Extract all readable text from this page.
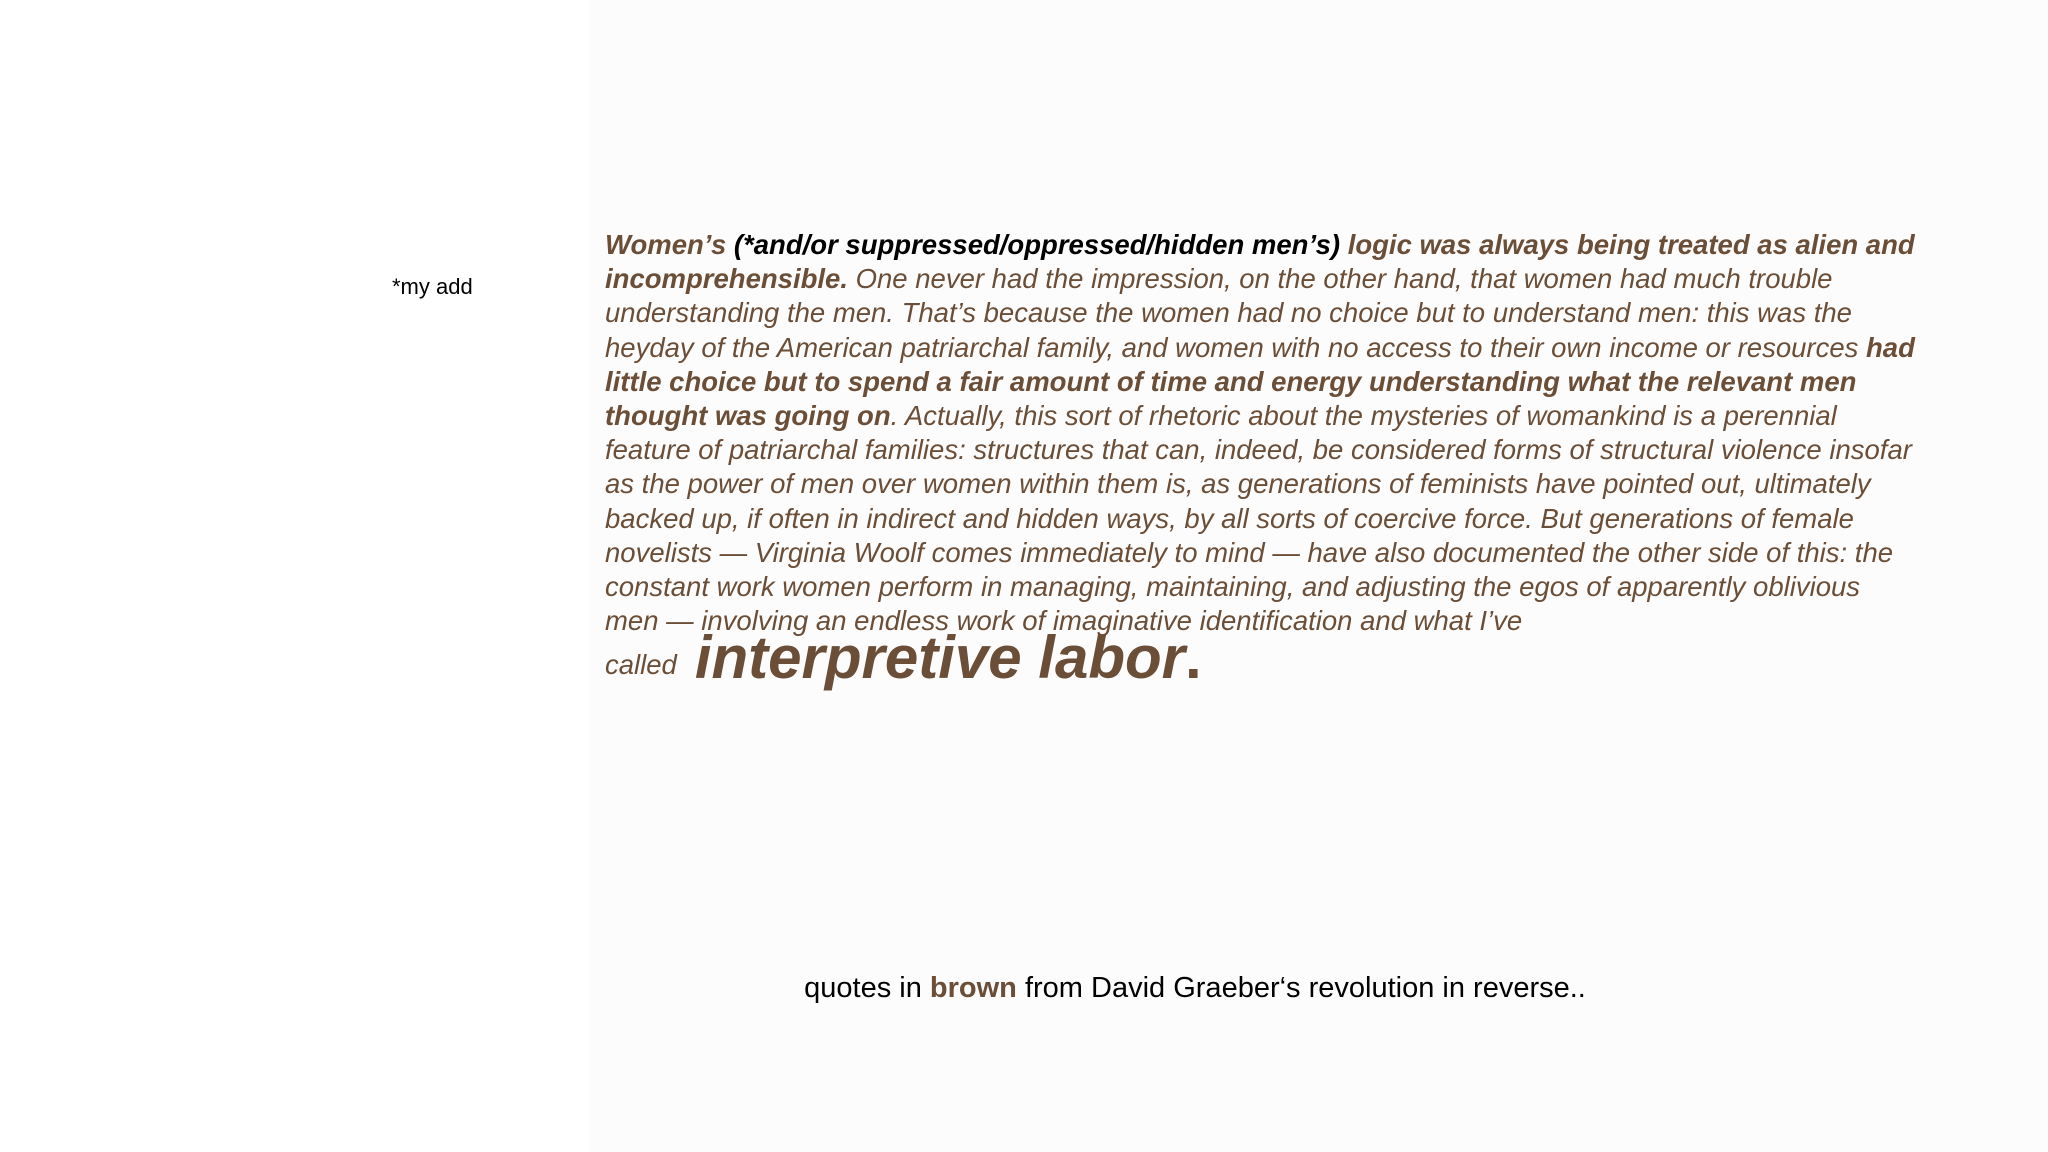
*my add
Women’s (*and/or suppressed/oppressed/hidden men’s) logic was always being treated as alien and incomprehensible. One never had the impression, on the other hand, that women had much trouble understanding the men. That’s because the women had no choice but to understand men: this was the heyday of the American patriarchal family, and women with no access to their own income or resources had little choice but to spend a fair amount of time and energy understanding what the relevant men thought was going on. Actually, this sort of rhetoric about the mysteries of womankind is a perennial feature of patriarchal families: structures that can, indeed, be considered forms of structural violence insofar as the power of men over women within them is, as generations of feminists have pointed out, ultimately backed up, if often in indirect and hidden ways, by all sorts of coercive force. But generations of female novelists — Virginia Woolf comes immediately to mind — have also documented the other side of this: the constant work women perform in managing, maintaining, and adjusting the egos of apparently oblivious men — involving an endless work of imaginative identification and what I’ve called interpretive labor.
quotes in brown from David Graeber‘s revolution in reverse..
